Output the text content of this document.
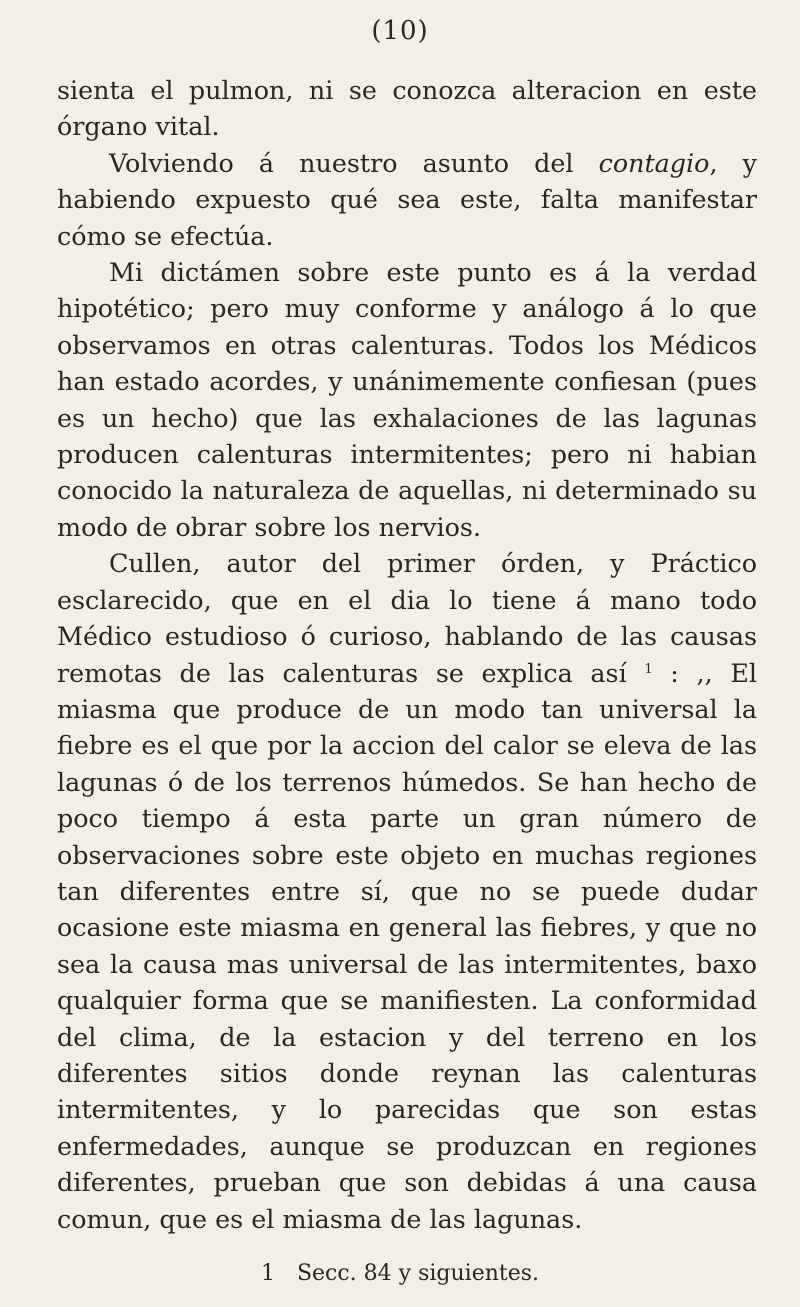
(10)

sienta el pulmon, ni se conozca alteracion en este órgano vital.

Volviendo á nuestro asunto del contagio, y habiendo expuesto qué sea este, falta manifestar cómo se efectúa.

Mi dictámen sobre este punto es á la verdad hipotético; pero muy conforme y análogo á lo que observamos en otras calenturas. Todos los Médicos han estado acordes, y unánimemente confiesan (pues es un hecho) que las exhalaciones de las lagunas producen calenturas intermitentes; pero ni habian conocido la naturaleza de aquellas, ni determinado su modo de obrar sobre los nervios.

Cullen, autor del primer órden, y Práctico esclarecido, que en el dia lo tiene á mano todo Médico estudioso ó curioso, hablando de las causas remotas de las calenturas se explica así $^1$ : ,, El miasma que produce de un modo tan universal la fiebre es el que por la accion del calor se eleva de las lagunas ó de los terrenos húmedos. Se han hecho de poco tiempo á esta parte un gran número de observaciones sobre este objeto en muchas regiones tan diferentes entre sí, que no se puede dudar ocasione este miasma en general las fiebres, y que no sea la causa mas universal de las intermitentes, baxo qualquier forma que se manifiesten. La conformidad del clima, de la estacion y del terreno en los diferentes sitios donde reynan las calenturas intermitentes, y lo parecidas que son estas enfermedades, aunque se produzcan en regiones diferentes, prueban que son debidas á una causa comun, que es el miasma de las lagunas.

1 Secc. 84 y siguientes.
